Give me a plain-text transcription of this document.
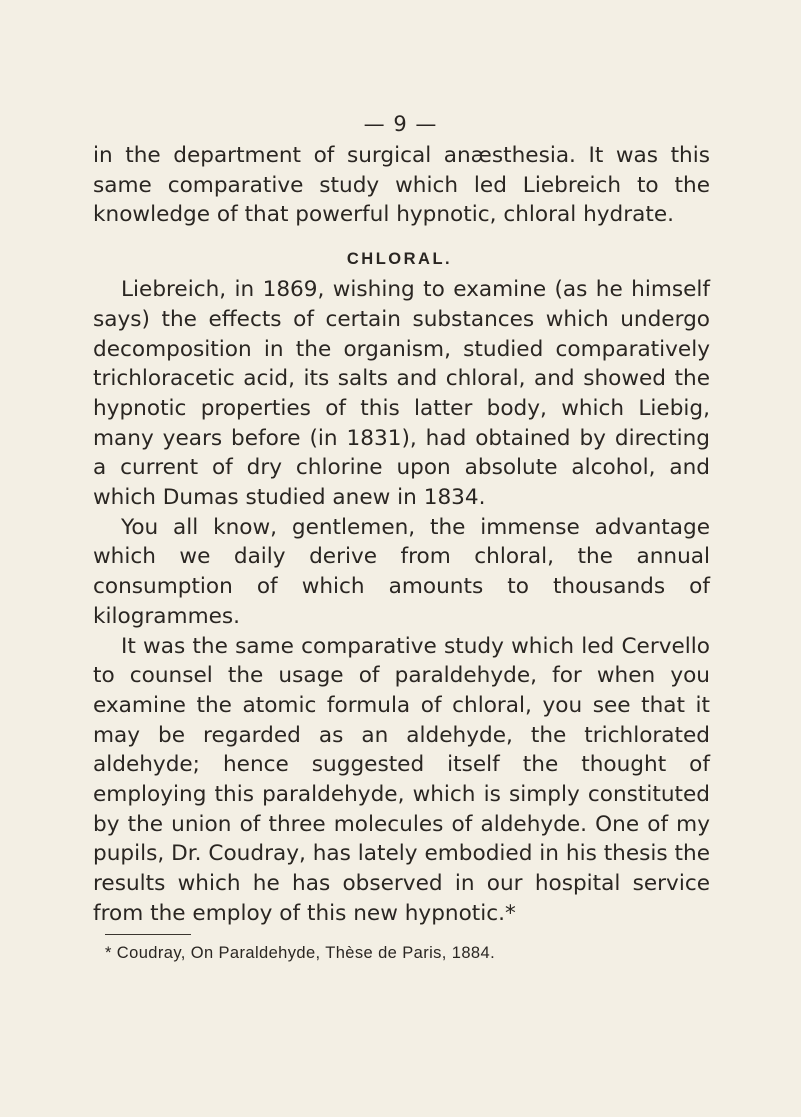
— 9 —

in the department of surgical anæsthesia. It was this same comparative study which led Liebreich to the knowledge of that powerful hypnotic, chloral hydrate.

CHLORAL.

Liebreich, in 1869, wishing to examine (as he himself says) the effects of certain substances which undergo decomposition in the organism, studied comparatively trichloracetic acid, its salts and chloral, and showed the hypnotic properties of this latter body, which Liebig, many years before (in 1831), had obtained by directing a current of dry chlorine upon absolute alcohol, and which Dumas studied anew in 1834.

You all know, gentlemen, the immense advantage which we daily derive from chloral, the annual consumption of which amounts to thousands of kilogrammes.

It was the same comparative study which led Cervello to counsel the usage of paraldehyde, for when you examine the atomic formula of chloral, you see that it may be regarded as an aldehyde, the trichlorated aldehyde; hence suggested itself the thought of employing this paraldehyde, which is simply constituted by the union of three molecules of aldehyde. One of my pupils, Dr. Coudray, has lately embodied in his thesis the results which he has observed in our hospital service from the employ of this new hypnotic.*

* Coudray, On Paraldehyde, Thèse de Paris, 1884.
